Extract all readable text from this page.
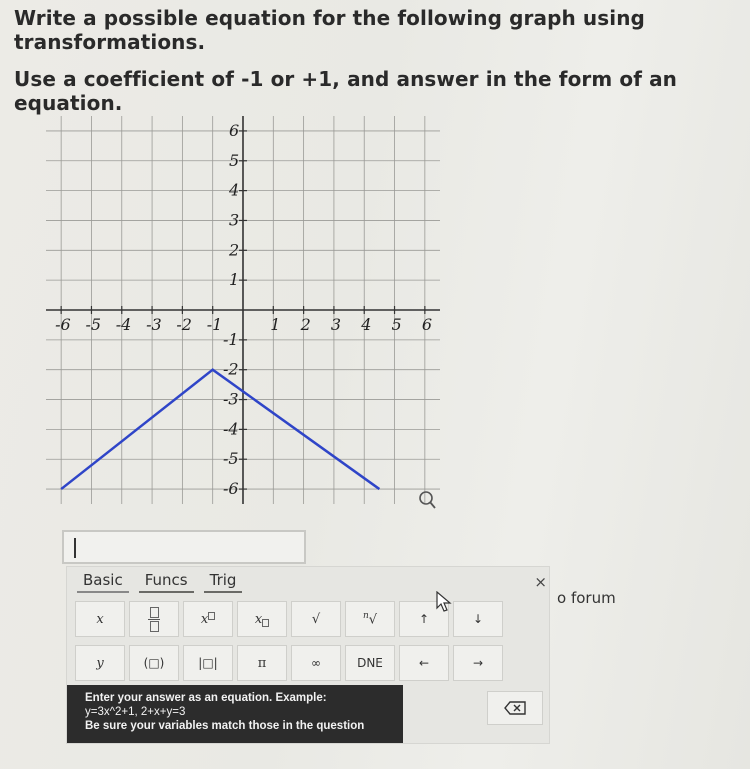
Write a possible equation for the following graph using transformations.
Use a coefficient of -1 or +1, and answer in the form of an equation.
-6 -5 -4 -3 -2 -1	1 2 3 4 5 6
6
5
4
3
2
1
-1
-2
-3
-4
-5
-6
Basic	Funcs	Trig	×
x	x	x	√	$^n$√	↑	↓
y	(□)	|□|	π	∞	DNE	←	→
Enter your answer as an equation. Example:
y=3x^2+1, 2+x+y=3
Be sure your variables match those in the question
o forum
